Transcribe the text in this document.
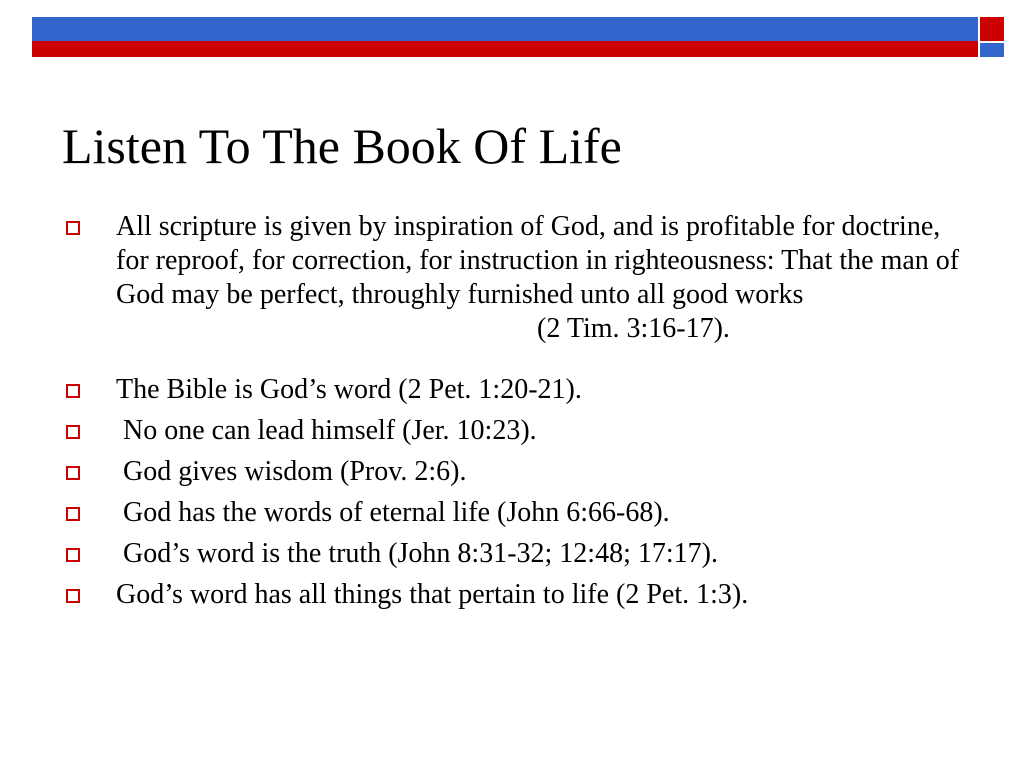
Listen To The Book Of Life
All scripture is given by inspiration of God, and is profitable for doctrine, for reproof, for correction, for instruction in righteousness: That the man of God may be perfect, throughly furnished unto all good works
(2 Tim. 3:16-17).
The Bible is God’s word (2 Pet. 1:20-21).
No one can lead himself (Jer. 10:23).
God gives wisdom (Prov. 2:6).
God has the words of eternal life (John 6:66-68).
God’s word is the truth (John 8:31-32; 12:48; 17:17).
God’s word has all things that pertain to life (2 Pet. 1:3).
